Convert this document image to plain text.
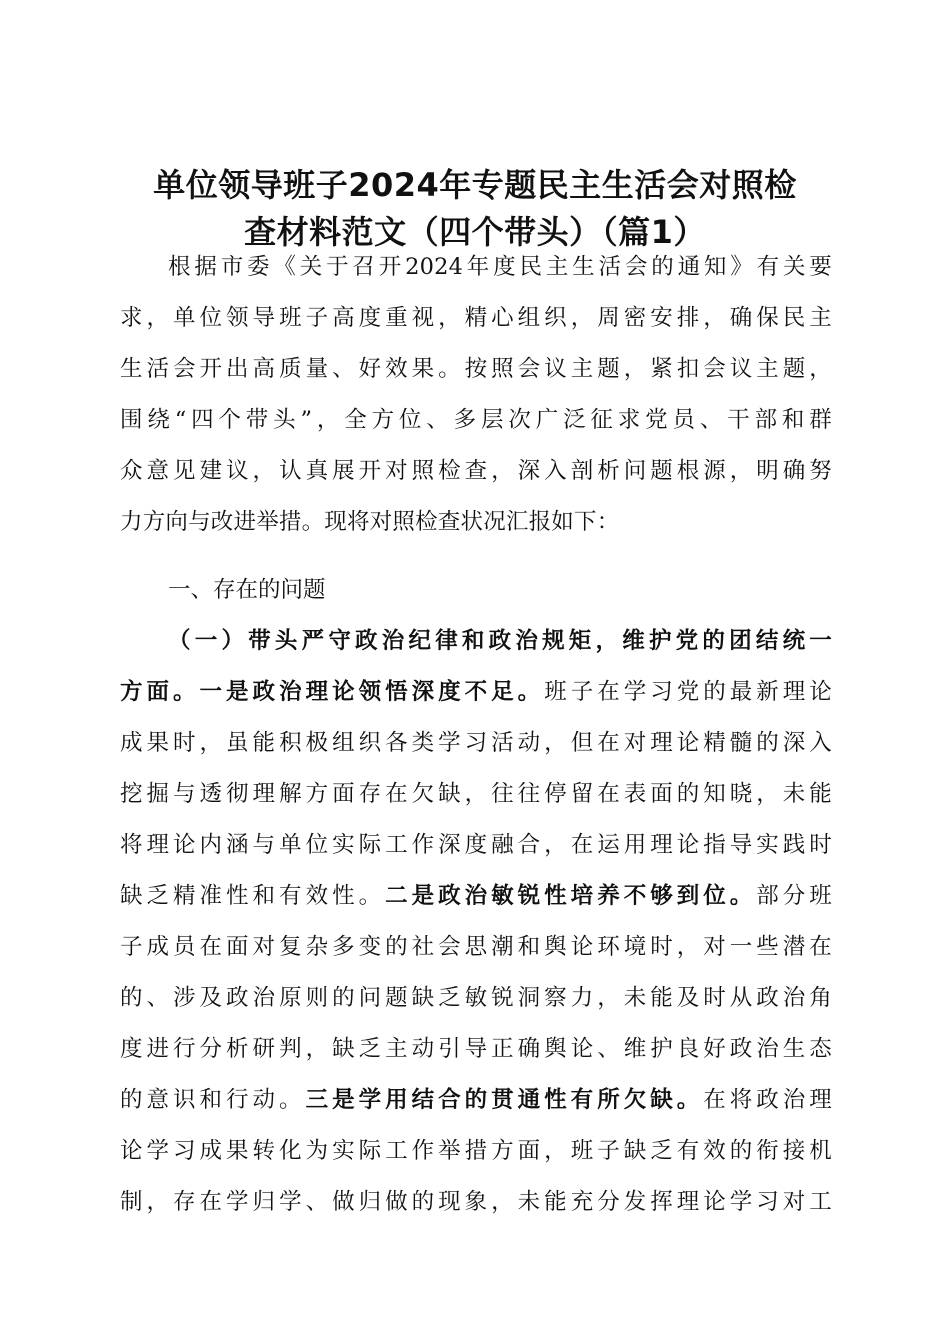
单位领导班子2024年专题民主生活会对照检
查材料范文（四个带头）（篇1）
根据市委《关于召开2024年度民主生活会的通知》有关要
求，单位领导班子高度重视，精心组织，周密安排，确保民主
生活会开出高质量、好效果。按照会议主题，紧扣会议主题，
围绕“四个带头”，全方位、多层次广泛征求党员、干部和群
众意见建议，认真展开对照检查，深入剖析问题根源，明确努
力方向与改进举措。现将对照检查状况汇报如下：
一、存在的问题
（一）带头严守政治纪律和政治规矩，维护党的团结统一
方面。一是政治理论领悟深度不足。班子在学习党的最新理论
成果时，虽能积极组织各类学习活动，但在对理论精髓的深入
挖掘与透彻理解方面存在欠缺，往往停留在表面的知晓，未能
将理论内涵与单位实际工作深度融合，在运用理论指导实践时
缺乏精准性和有效性。二是政治敏锐性培养不够到位。部分班
子成员在面对复杂多变的社会思潮和舆论环境时，对一些潜在
的、涉及政治原则的问题缺乏敏锐洞察力，未能及时从政治角
度进行分析研判，缺乏主动引导正确舆论、维护良好政治生态
的意识和行动。三是学用结合的贯通性有所欠缺。在将政治理
论学习成果转化为实际工作举措方面，班子缺乏有效的衔接机
制，存在学归学、做归做的现象，未能充分发挥理论学习对工
